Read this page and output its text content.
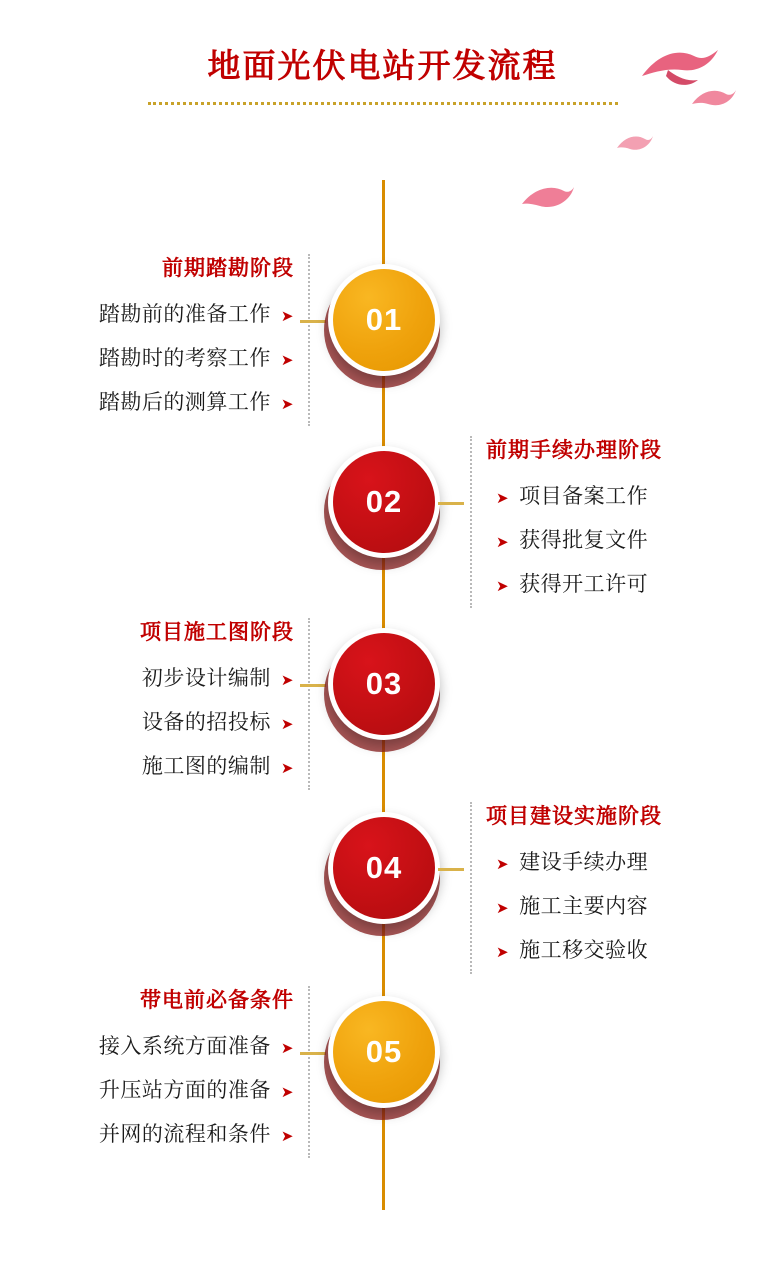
地面光伏电站开发流程
前期踏勘阶段
➤踏勘前的准备工作
➤踏勘时的考察工作
➤踏勘后的测算工作
01
02
前期手续办理阶段
➤ 项目备案工作
➤ 获得批复文件
➤ 获得开工许可
项目施工图阶段
➤初步设计编制
➤设备的招投标
➤施工图的编制
03
04
项目建设实施阶段
➤ 建设手续办理
➤ 施工主要内容
➤ 施工移交验收
带电前必备条件
➤接入系统方面准备
➤升压站方面的准备
➤并网的流程和条件
05
